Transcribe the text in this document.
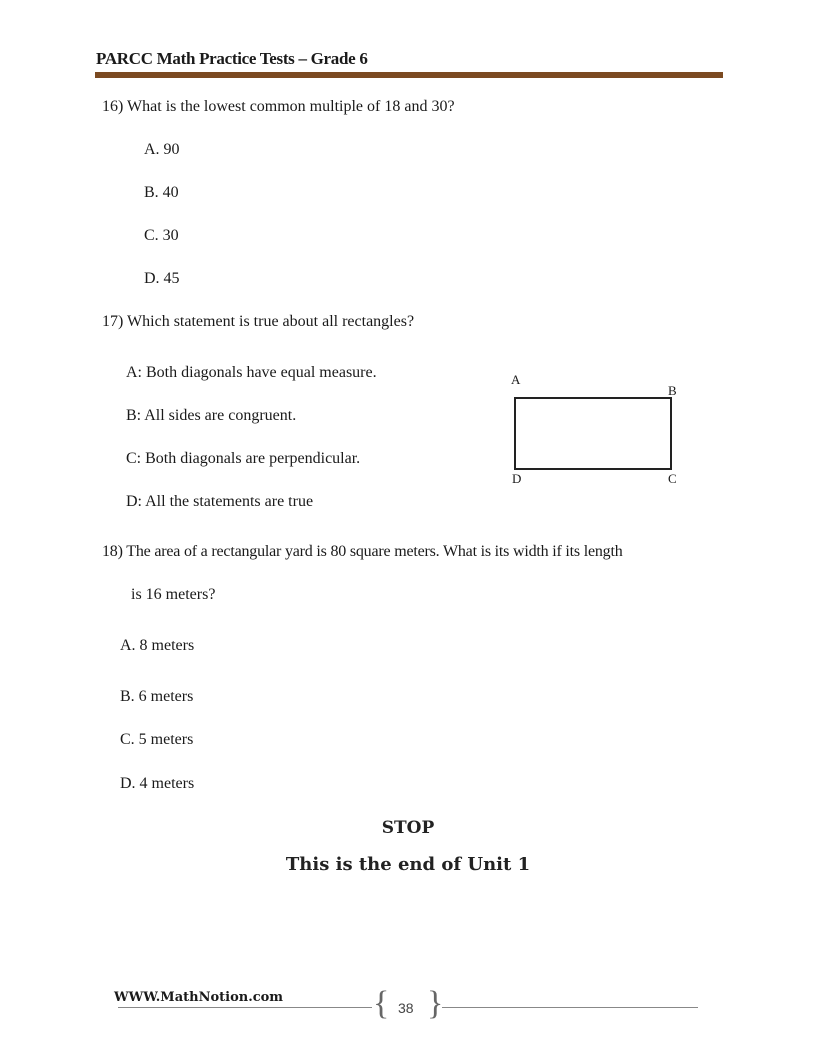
PARCC Math Practice Tests – Grade 6
16) What is the lowest common multiple of 18 and 30?
A. 90
B. 40
C. 30
D. 45
17) Which statement is true about all rectangles?
A: Both diagonals have equal measure.
B: All sides are congruent.
C: Both diagonals are perpendicular.
D: All the statements are true
A
B
C
D
18) The area of a rectangular yard is 80 square meters. What is its width if its length
is 16 meters?
A. 8 meters
B. 6 meters
C. 5 meters
D. 4 meters
STOP
This is the end of Unit 1
WWW.MathNotion.com	{ 38 }
